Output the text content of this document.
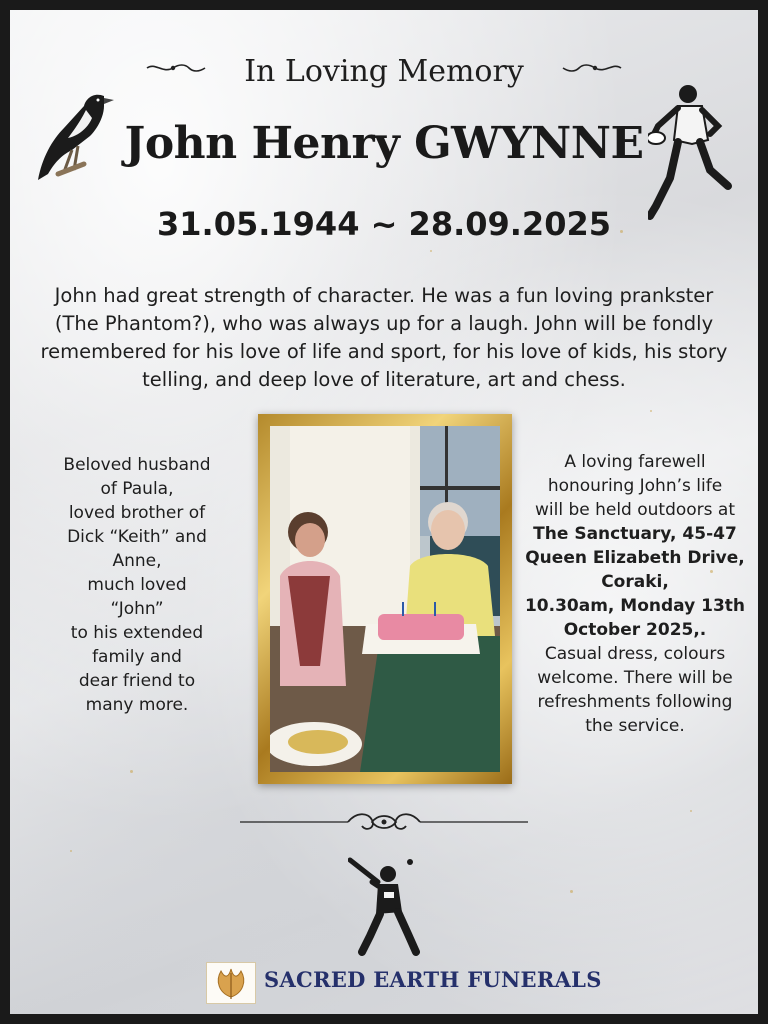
In Loving Memory
John Henry GWYNNE
31.05.1944 ~ 28.09.2025
John had great strength of character. He was a fun loving prankster (The Phantom?), who was always up for a laugh. John will be fondly remembered for his love of life and sport, for his love of kids, his story telling, and deep love of literature, art and chess.
Beloved husband
of Paula,
loved brother of
Dick “Keith” and
Anne,
much loved
“John”
to his extended
family and
dear friend to
many more.
A loving farewell
honouring John’s life
will be held outdoors at
The Sanctuary, 45-47
Queen Elizabeth Drive,
Coraki,
10.30am, Monday 13th
October 2025,.
Casual dress, colours
welcome. There will be
refreshments following
the service.
SACRED EARTH FUNERALS
